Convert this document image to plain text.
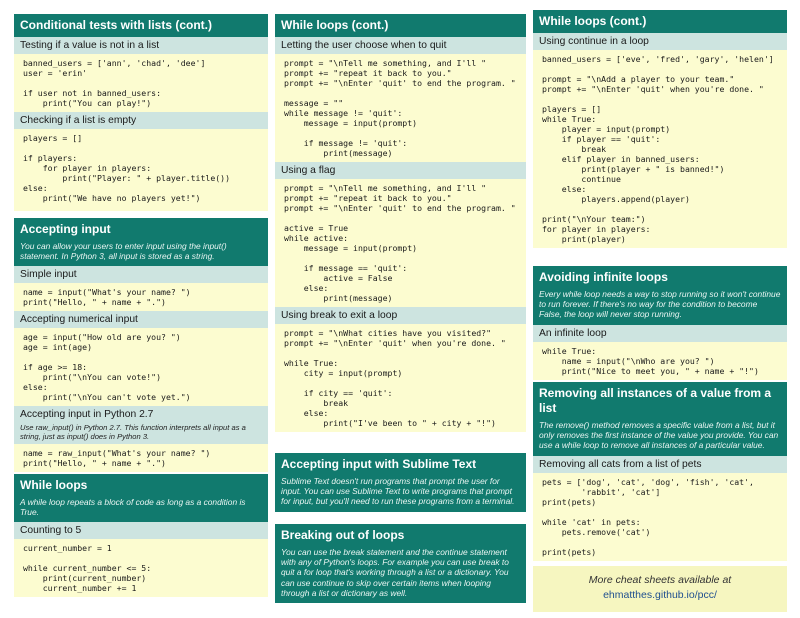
Conditional tests with lists (cont.)
Testing if a value is not in a list
banned_users = ['ann', 'chad', 'dee']
user = 'erin'

if user not in banned_users:
print("You can play!")
Checking if a list is empty
players = []

if players:
for player in players:
print("Player: " + player.title())
else:
print("We have no players yet!")
Accepting input
You can allow your users to enter input using the input() statement. In Python 3, all input is stored as a string.
Simple input
name = input("What's your name? ")
print("Hello, " + name + ".")
Accepting numerical input
age = input("How old are you? ")
age = int(age)

if age >= 18:
print("\nYou can vote!")
else:
print("\nYou can't vote yet.")
Accepting input in Python 2.7
Use raw_input() in Python 2.7. This function interprets all input as a string, just as input() does in Python 3.
name = raw_input("What's your name? ")
print("Hello, " + name + ".")
While loops
A while loop repeats a block of code as long as a condition is True.
Counting to 5
current_number = 1

while current_number <= 5:
print(current_number)
current_number += 1
While loops (cont.)
Letting the user choose when to quit
prompt = "\nTell me something, and I'll "
prompt += "repeat it back to you."
prompt += "\nEnter 'quit' to end the program. "

message = ""
while message != 'quit':
message = input(prompt)

if message != 'quit':
print(message)
Using a flag
prompt = "\nTell me something, and I'll "
prompt += "repeat it back to you."
prompt += "\nEnter 'quit' to end the program. "

active = True
while active:
message = input(prompt)

if message == 'quit':
active = False
else:
print(message)
Using break to exit a loop
prompt = "\nWhat cities have you visited?"
prompt += "\nEnter 'quit' when you're done. "

while True:
city = input(prompt)

if city == 'quit':
break
else:
print("I've been to " + city + "!")
Accepting input with Sublime Text
Sublime Text doesn't run programs that prompt the user for input. You can use Sublime Text to write programs that prompt for input, but you'll need to run these programs from a terminal.
Breaking out of loops
You can use the break statement and the continue statement with any of Python's loops. For example you can use break to quit a for loop that's working through a list or a dictionary. You can use continue to skip over certain items when looping through a list or dictionary as well.
While loops (cont.)
Using continue in a loop
banned_users = ['eve', 'fred', 'gary', 'helen']

prompt = "\nAdd a player to your team."
prompt += "\nEnter 'quit' when you're done. "

players = []
while True:
player = input(prompt)
if player == 'quit':
break
elif player in banned_users:
print(player + " is banned!")
continue
else:
players.append(player)

print("\nYour team:")
for player in players:
print(player)
Avoiding infinite loops
Every while loop needs a way to stop running so it won't continue to run forever. If there's no way for the condition to become False, the loop will never stop running.
An infinite loop
while True:
name = input("\nWho are you? ")
print("Nice to meet you, " + name + "!")
Removing all instances of a value from a list
The remove() method removes a specific value from a list, but it only removes the first instance of the value you provide. You can use a while loop to remove all instances of a particular value.
Removing all cats from a list of pets
pets = ['dog', 'cat', 'dog', 'fish', 'cat',
'rabbit', 'cat']
print(pets)

while 'cat' in pets:
pets.remove('cat')

print(pets)
More cheat sheets available at
ehmatthes.github.io/pcc/
